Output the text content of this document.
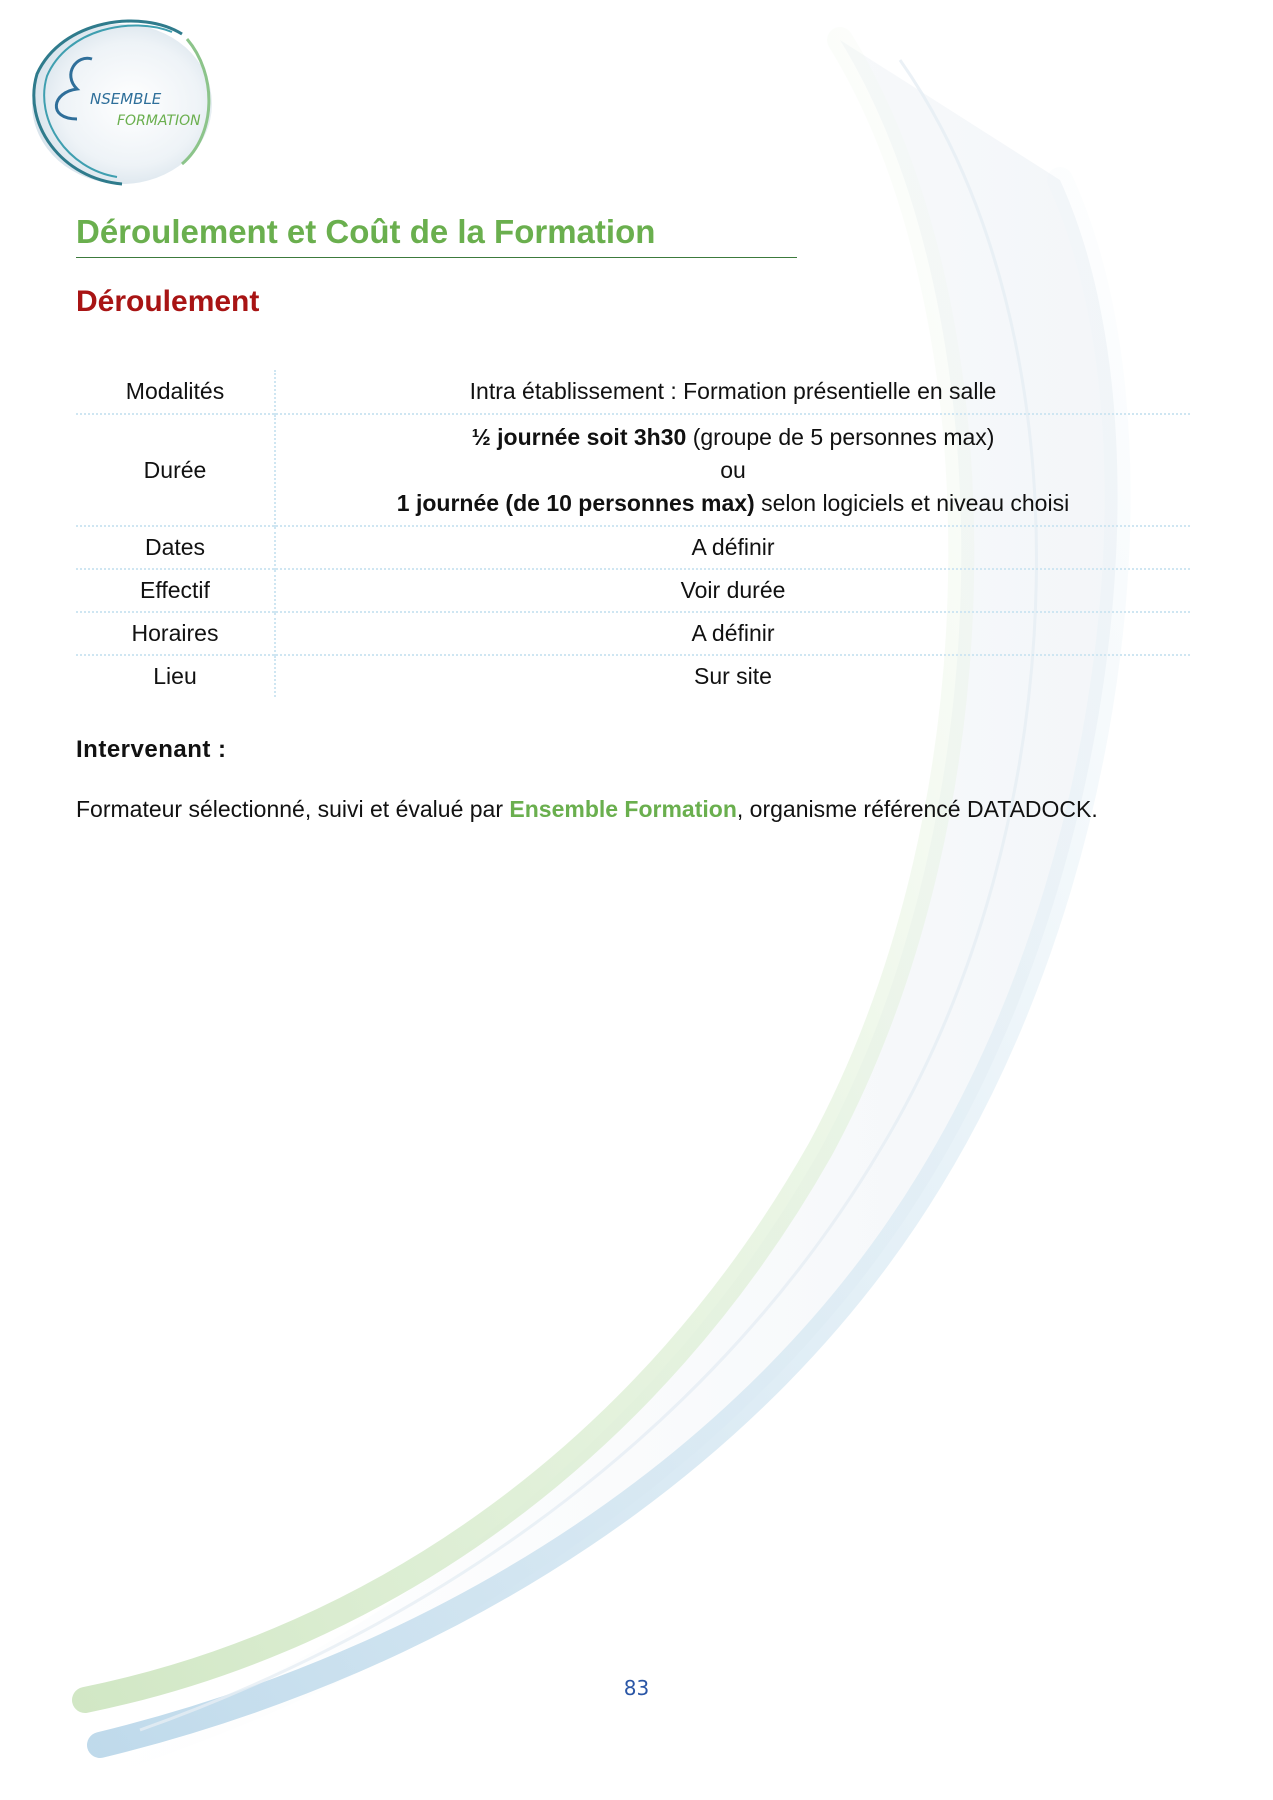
NSEMBLE
FORMATION
Déroulement et Coût de la Formation
Déroulement
Modalités	Intra établissement : Formation présentielle en salle
Durée	½ journée soit 3h30 (groupe de 5 personnes max)
ou
1 journée (de 10 personnes max) selon logiciels et niveau choisi

Dates	A définir
Effectif	Voir durée
Horaires	A définir
Lieu	Sur site
Intervenant :

Formateur sélectionné, suivi et évalué par Ensemble Formation, organisme référencé DATADOCK.

83
